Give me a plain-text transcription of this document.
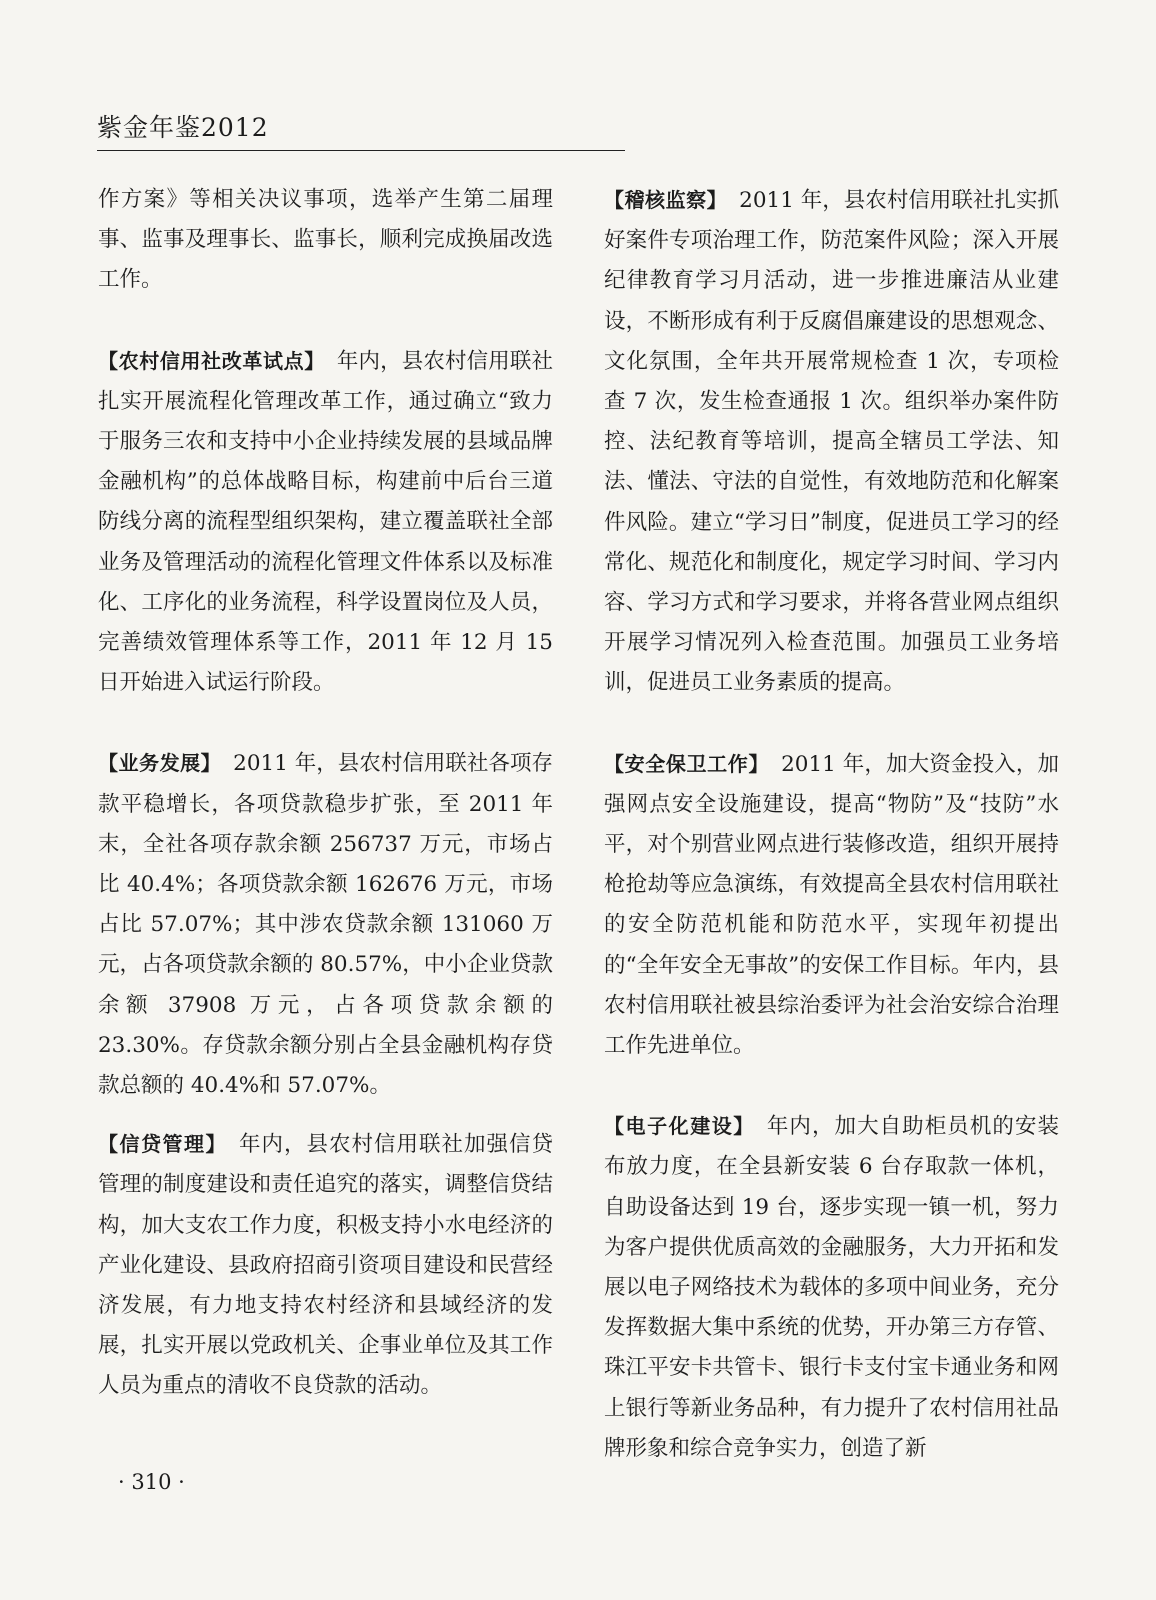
紫金年鉴2012

作方案》等相关决议事项，选举产生第二届理事、监事及理事长、监事长，顺利完成换届改选工作。

【农村信用社改革试点】 年内，县农村信用联社扎实开展流程化管理改革工作，通过确立“致力于服务三农和支持中小企业持续发展的县域品牌金融机构”的总体战略目标，构建前中后台三道防线分离的流程型组织架构，建立覆盖联社全部业务及管理活动的流程化管理文件体系以及标准化、工序化的业务流程，科学设置岗位及人员，完善绩效管理体系等工作，2011 年 12 月 15 日开始进入试运行阶段。

【业务发展】 2011 年，县农村信用联社各项存款平稳增长，各项贷款稳步扩张，至 2011 年末，全社各项存款余额 256737 万元，市场占比 40.4%；各项贷款余额 162676 万元，市场占比 57.07%；其中涉农贷款余额 131060 万元，占各项贷款余额的 80.57%，中小企业贷款余额 37908 万元，占各项贷款余额的 23.30%。存贷款余额分别占全县金融机构存贷款总额的 40.4%和 57.07%。

【信贷管理】 年内，县农村信用联社加强信贷管理的制度建设和责任追究的落实，调整信贷结构，加大支农工作力度，积极支持小水电经济的产业化建设、县政府招商引资项目建设和民营经济发展，有力地支持农村经济和县域经济的发展，扎实开展以党政机关、企事业单位及其工作人员为重点的清收不良贷款的活动。

【稽核监察】 2011 年，县农村信用联社扎实抓好案件专项治理工作，防范案件风险；深入开展纪律教育学习月活动，进一步推进廉洁从业建设，不断形成有利于反腐倡廉建设的思想观念、文化氛围，全年共开展常规检查 1 次，专项检查 7 次，发生检查通报 1 次。组织举办案件防控、法纪教育等培训，提高全辖员工学法、知法、懂法、守法的自觉性，有效地防范和化解案件风险。建立“学习日”制度，促进员工学习的经常化、规范化和制度化，规定学习时间、学习内容、学习方式和学习要求，并将各营业网点组织开展学习情况列入检查范围。加强员工业务培训，促进员工业务素质的提高。

【安全保卫工作】 2011 年，加大资金投入，加强网点安全设施建设，提高“物防”及“技防”水平，对个别营业网点进行装修改造，组织开展持枪抢劫等应急演练，有效提高全县农村信用联社的安全防范机能和防范水平，实现年初提出的“全年安全无事故”的安保工作目标。年内，县农村信用联社被县综治委评为社会治安综合治理工作先进单位。

【电子化建设】 年内，加大自助柜员机的安装布放力度，在全县新安装 6 台存取款一体机，自助设备达到 19 台，逐步实现一镇一机，努力为客户提供优质高效的金融服务，大力开拓和发展以电子网络技术为载体的多项中间业务，充分发挥数据大集中系统的优势，开办第三方存管、珠江平安卡共管卡、银行卡支付宝卡通业务和网上银行等新业务品种，有力提升了农村信用社品牌形象和综合竞争实力，创造了新

· 310 ·
